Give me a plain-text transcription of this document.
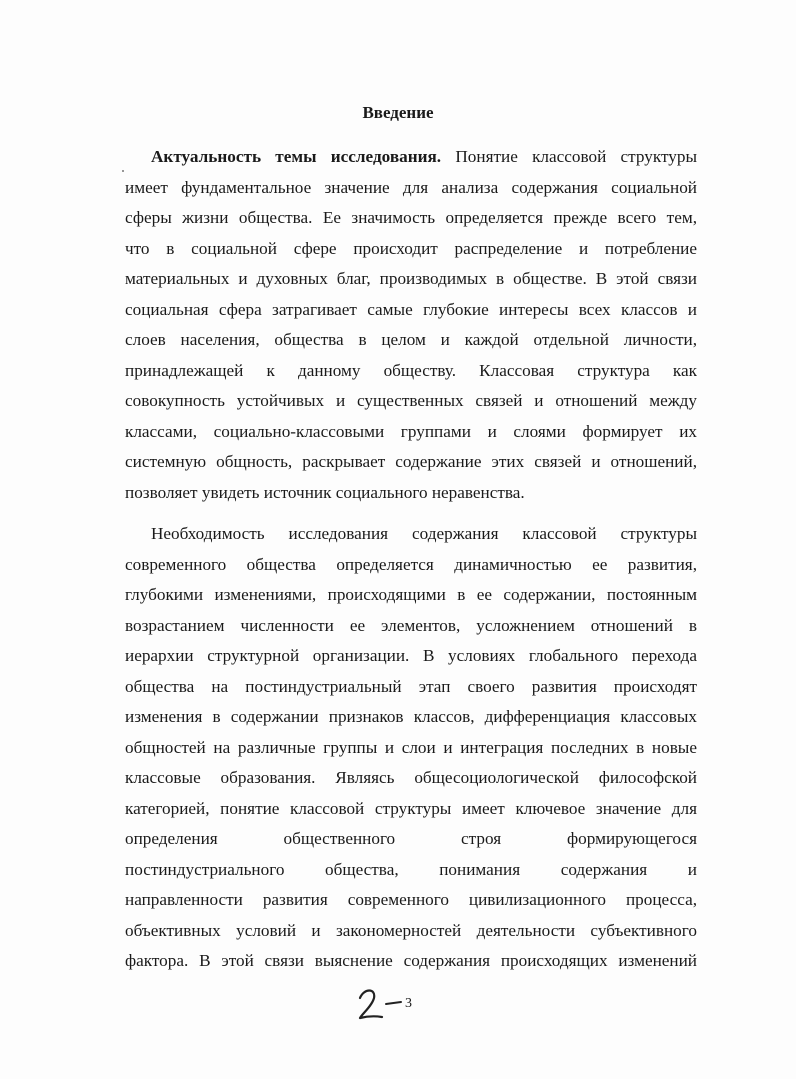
Введение
Актуальность темы исследования. Понятие классовой структуры
имеет фундаментальное значение для анализа содержания социальной
сферы жизни общества. Ее значимость определяется прежде всего тем,
что в социальной сфере происходит распределение и потребление
материальных и духовных благ, производимых в обществе. В этой связи
социальная сфера затрагивает самые глубокие интересы всех классов и
слоев населения, общества в целом и каждой отдельной личности,
принадлежащей к данному обществу. Классовая структура как
совокупность устойчивых и существенных связей и отношений между
классами, социально-классовыми группами и слоями формирует их
системную общность, раскрывает содержание этих связей и отношений,
позволяет увидеть источник социального неравенства.
Необходимость исследования содержания классовой структуры
современного общества определяется динамичностью ее развития,
глубокими изменениями, происходящими в ее содержании, постоянным
возрастанием численности ее элементов, усложнением отношений в
иерархии структурной организации. В условиях глобального перехода
общества на постиндустриальный этап своего развития происходят
изменения в содержании признаков классов, дифференциация классовых
общностей на различные группы и слои и интеграция последних в новые
классовые образования. Являясь общесоциологической философской
категорией, понятие классовой структуры имеет ключевое значение для
определения общественного строя формирующегося
постиндустриального общества, понимания содержания и
направленности развития современного цивилизационного процесса,
объективных условий и закономерностей деятельности субъективного
фактора. В этой связи выяснение содержания происходящих изменений
3
